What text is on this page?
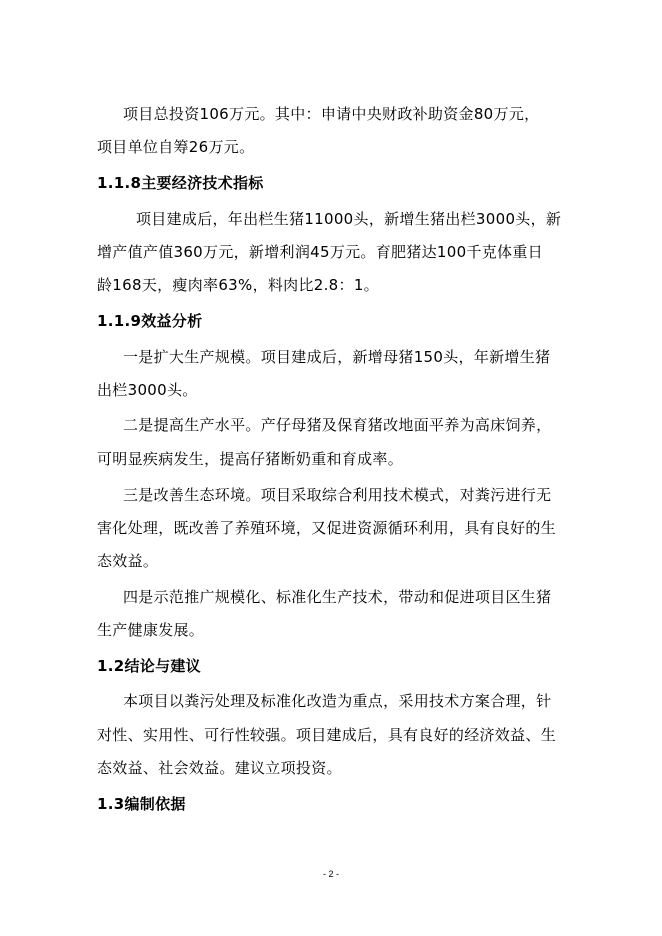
项目总投资106万元。其中：申请中央财政补助资金80万元，
项目单位自筹26万元。
1.1.8主要经济技术指标
项目建成后，年出栏生猪11000头，新增生猪出栏3000头，新
增产值产值360万元，新增利润45万元。育肥猪达100千克体重日
龄168天，瘦肉率63%，料肉比2.8：1。
1.1.9效益分析
一是扩大生产规模。项目建成后，新增母猪150头，年新增生猪
出栏3000头。
二是提高生产水平。产仔母猪及保育猪改地面平养为高床饲养，
可明显疾病发生，提高仔猪断奶重和育成率。
三是改善生态环境。项目采取综合利用技术模式，对粪污进行无
害化处理，既改善了养殖环境，又促进资源循环利用，具有良好的生
态效益。
四是示范推广规模化、标准化生产技术，带动和促进项目区生猪
生产健康发展。
1.2结论与建议
本项目以粪污处理及标准化改造为重点，采用技术方案合理，针
对性、实用性、可行性较强。项目建成后，具有良好的经济效益、生
态效益、社会效益。建议立项投资。
1.3编制依据
- 2 -
